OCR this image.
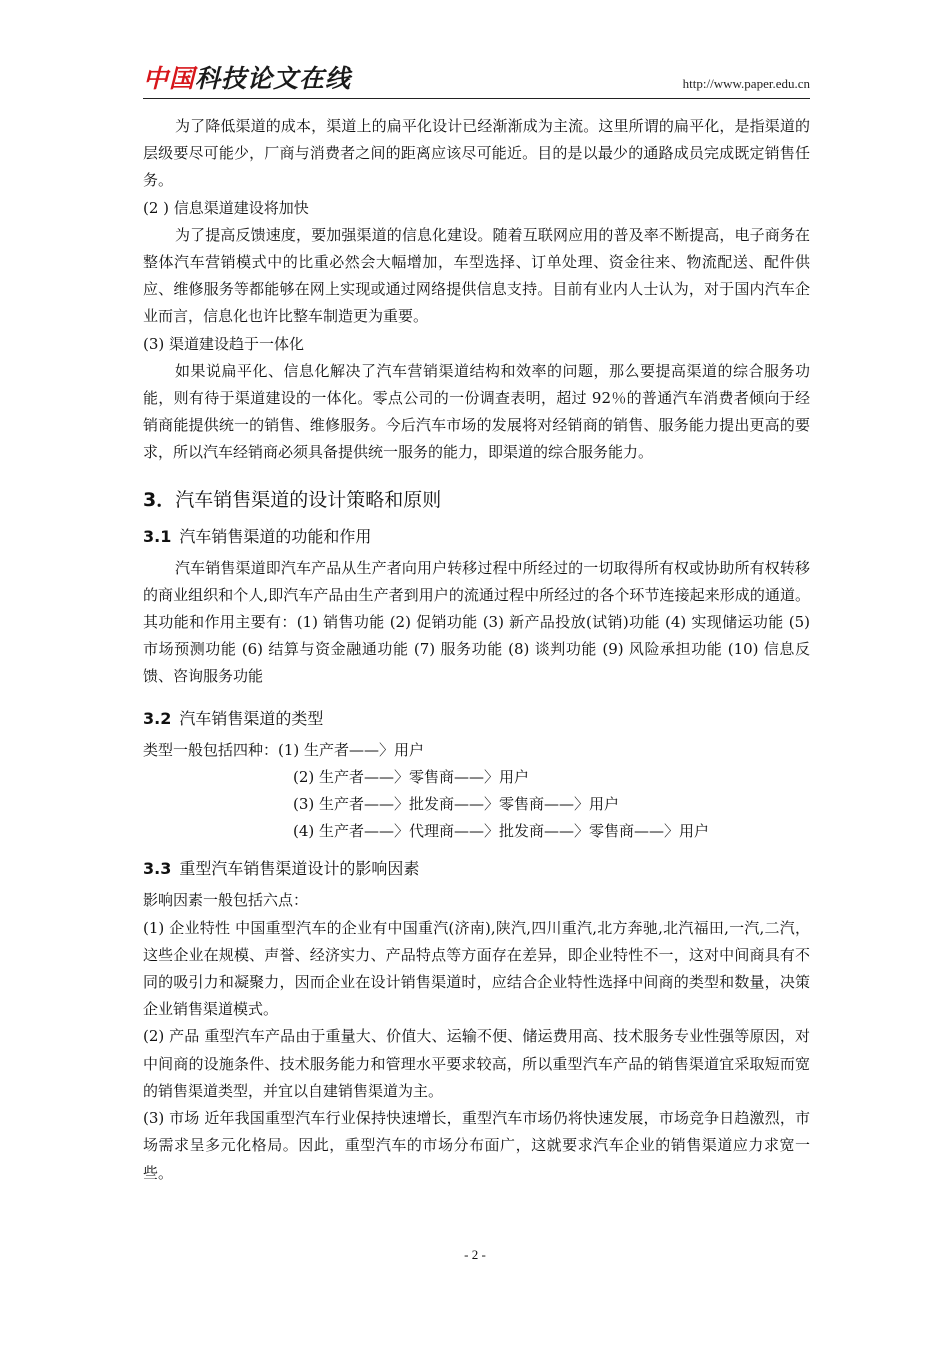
中国科技论文在线	http://www.paper.edu.cn

为了降低渠道的成本，渠道上的扁平化设计已经渐渐成为主流。这里所谓的扁平化，是指渠道的层级要尽可能少，厂商与消费者之间的距离应该尽可能近。目的是以最少的通路成员完成既定销售任务。

(2 ) 信息渠道建设将加快

为了提高反馈速度，要加强渠道的信息化建设。随着互联网应用的普及率不断提高，电子商务在整体汽车营销模式中的比重必然会大幅增加，车型选择、订单处理、资金往来、物流配送、配件供应、维修服务等都能够在网上实现或通过网络提供信息支持。目前有业内人士认为，对于国内汽车企业而言，信息化也许比整车制造更为重要。

(3) 渠道建设趋于一体化

如果说扁平化、信息化解决了汽车营销渠道结构和效率的问题，那么要提高渠道的综合服务功能，则有待于渠道建设的一体化。零点公司的一份调查表明，超过 92％的普通汽车消费者倾向于经销商能提供统一的销售、维修服务。今后汽车市场的发展将对经销商的销售、服务能力提出更高的要求，所以汽车经销商必须具备提供统一服务的能力，即渠道的综合服务能力。

3．汽车销售渠道的设计策略和原则
3.1 汽车销售渠道的功能和作用

汽车销售渠道即汽车产品从生产者向用户转移过程中所经过的一切取得所有权或协助所有权转移的商业组织和个人,即汽车产品由生产者到用户的流通过程中所经过的各个环节连接起来形成的通道。其功能和作用主要有：(1) 销售功能 (2) 促销功能 (3) 新产品投放(试销)功能 (4) 实现储运功能 (5) 市场预测功能 (6) 结算与资金融通功能 (7) 服务功能 (8) 谈判功能 (9) 风险承担功能 (10) 信息反馈、咨询服务功能

3.2 汽车销售渠道的类型

类型一般包括四种：(1) 生产者——〉用户

(2) 生产者——〉零售商——〉用户

(3) 生产者——〉批发商——〉零售商——〉用户

(4) 生产者——〉代理商——〉批发商——〉零售商——〉用户

3.3 重型汽车销售渠道设计的影响因素

影响因素一般包括六点：

(1) 企业特性 中国重型汽车的企业有中国重汽(济南),陕汽,四川重汽,北方奔驰,北汽福田,一汽,二汽，这些企业在规模、声誉、经济实力、产品特点等方面存在差异，即企业特性不一，这对中间商具有不同的吸引力和凝聚力，因而企业在设计销售渠道时，应结合企业特性选择中间商的类型和数量，决策企业销售渠道模式。

(2) 产品 重型汽车产品由于重量大、价值大、运输不便、储运费用高、技术服务专业性强等原因，对中间商的设施条件、技术服务能力和管理水平要求较高，所以重型汽车产品的销售渠道宜采取短而宽的销售渠道类型，并宜以自建销售渠道为主。

(3) 市场 近年我国重型汽车行业保持快速增长，重型汽车市场仍将快速发展，市场竞争日趋激烈，市场需求呈多元化格局。因此，重型汽车的市场分布面广，这就要求汽车企业的销售渠道应力求宽一些。

- 2 -
